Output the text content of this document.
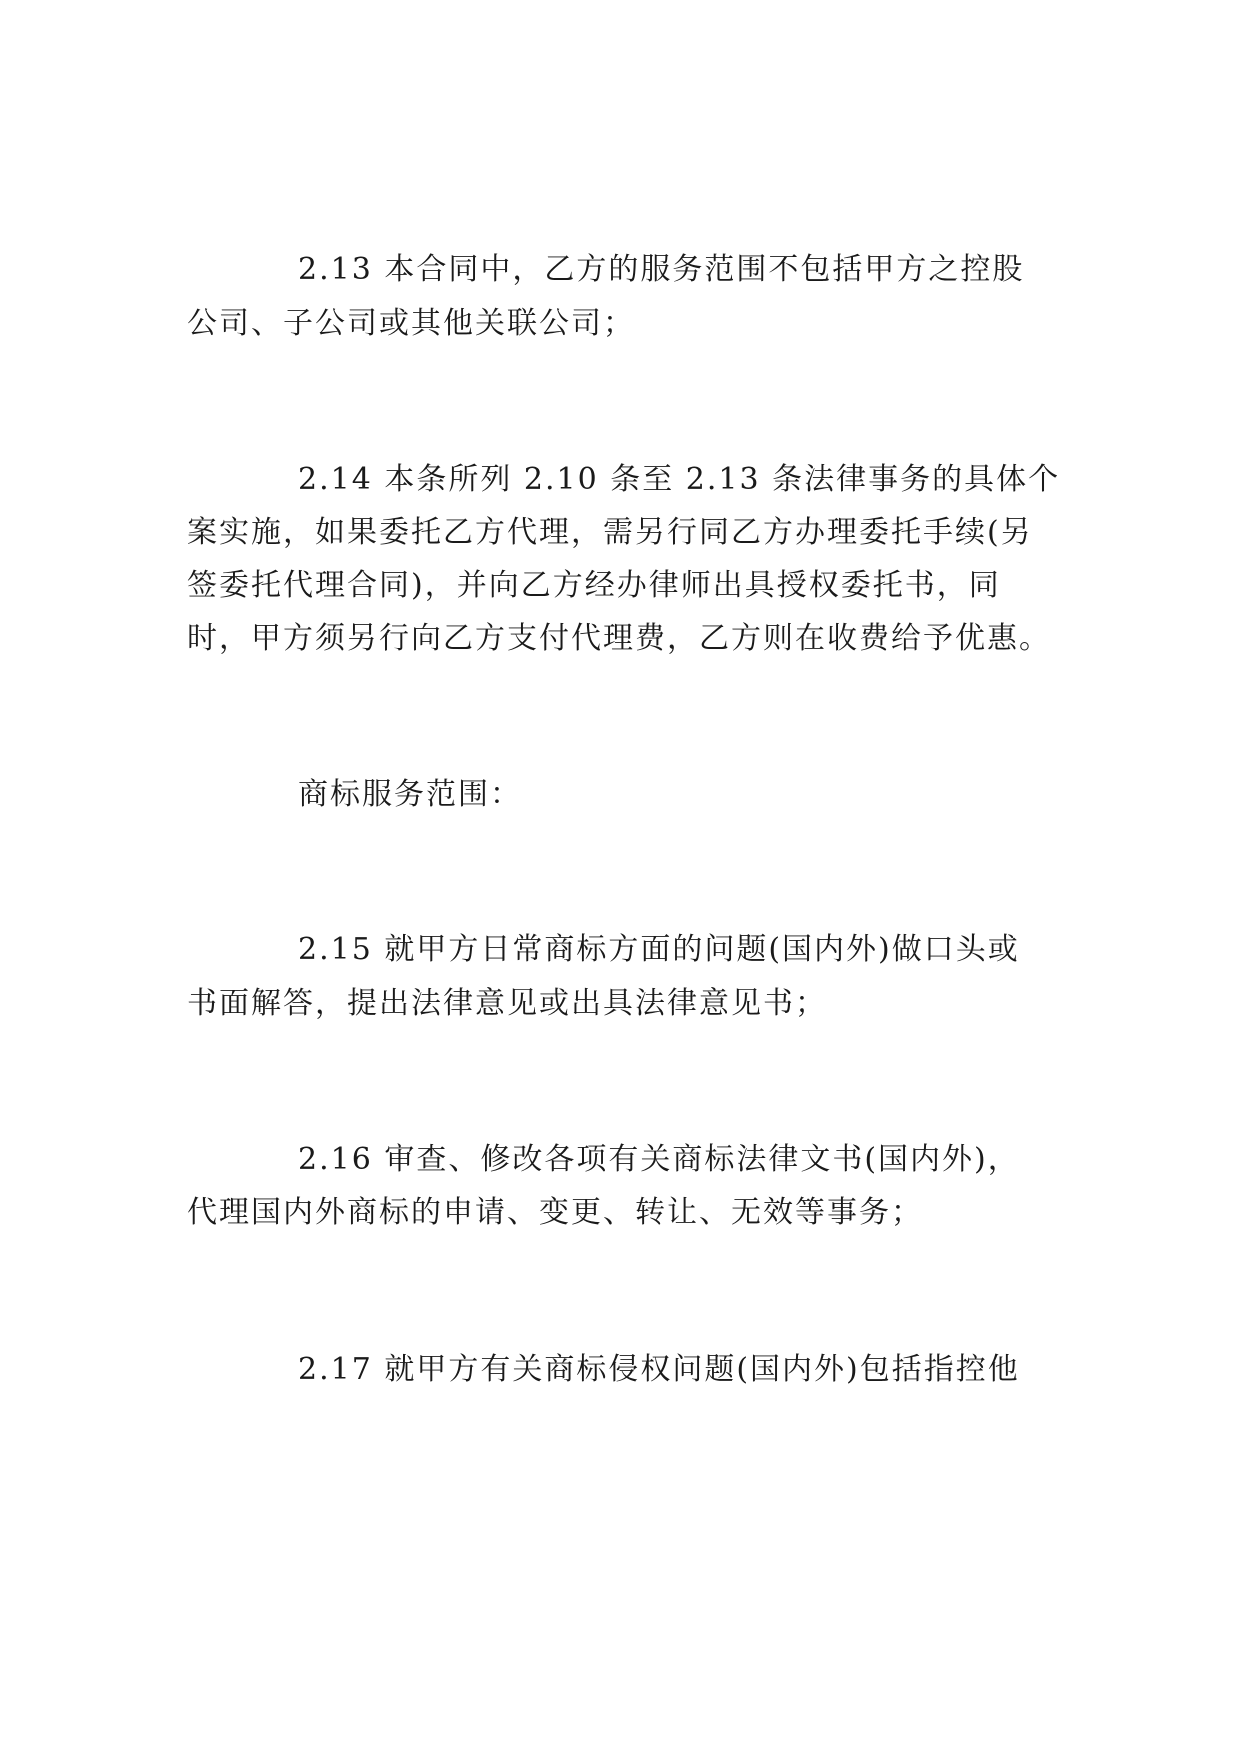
2.13 本合同中，乙方的服务范围不包括甲方之控股
公司、子公司或其他关联公司；
2.14 本条所列 2.10 条至 2.13 条法律事务的具体个
案实施，如果委托乙方代理，需另行同乙方办理委托手续(另
签委托代理合同)，并向乙方经办律师出具授权委托书，同
时，甲方须另行向乙方支付代理费，乙方则在收费给予优惠。
商标服务范围：
2.15 就甲方日常商标方面的问题(国内外)做口头或
书面解答，提出法律意见或出具法律意见书；
2.16 审查、修改各项有关商标法律文书(国内外)，
代理国内外商标的申请、变更、转让、无效等事务；
2.17 就甲方有关商标侵权问题(国内外)包括指控他
